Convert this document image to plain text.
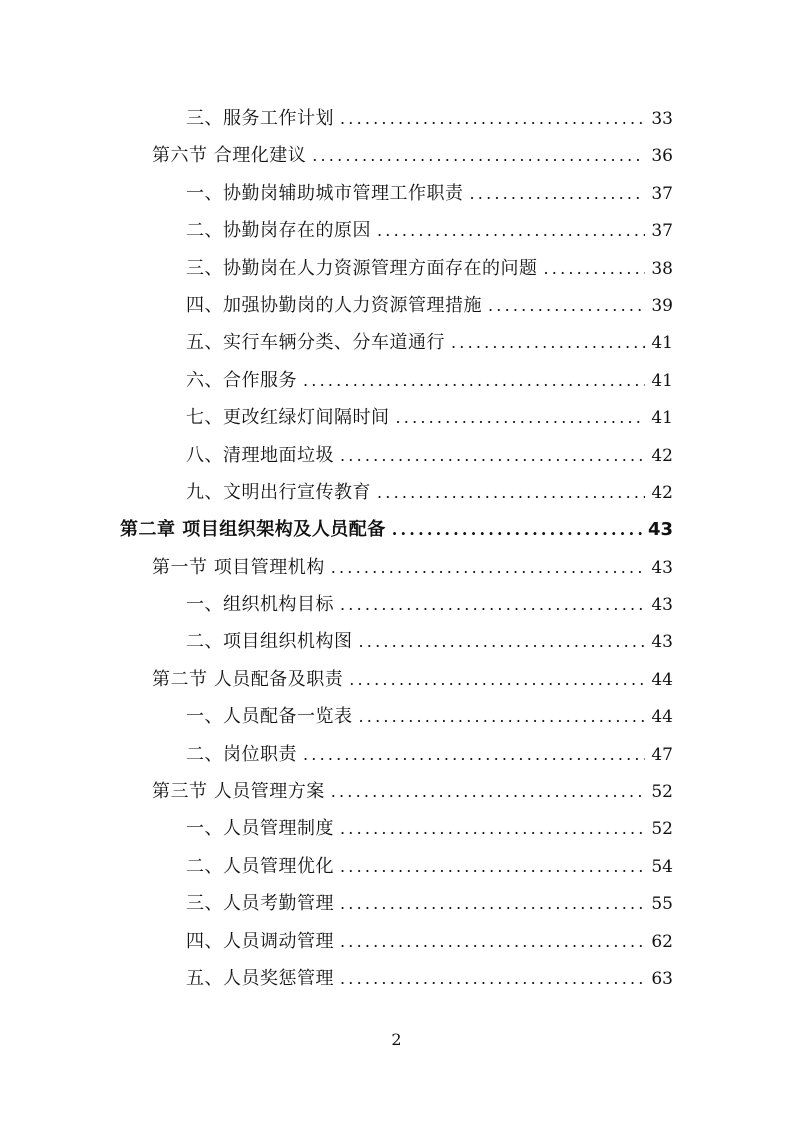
三、服务工作计划 .....	33
第六节 合理化建议 .....	36
一、协勤岗辅助城市管理工作职责 .....	37
二、协勤岗存在的原因 .....	37
三、协勤岗在人力资源管理方面存在的问题 .....	38
四、加强协勤岗的人力资源管理措施 .....	39
五、实行车辆分类、分车道通行 .....	41
六、合作服务 .....	41
七、更改红绿灯间隔时间 .....	41
八、清理地面垃圾 .....	42
九、文明出行宣传教育 .....	42
第二章 项目组织架构及人员配备 .....	43
第一节 项目管理机构 .....	43
一、组织机构目标 .....	43
二、项目组织机构图 .....	43
第二节 人员配备及职责 .....	44
一、人员配备一览表 .....	44
二、岗位职责 .....	47
第三节 人员管理方案 .....	52
一、人员管理制度 .....	52
二、人员管理优化 .....	54
三、人员考勤管理 .....	55
四、人员调动管理 .....	62
五、人员奖惩管理 .....	63
2
